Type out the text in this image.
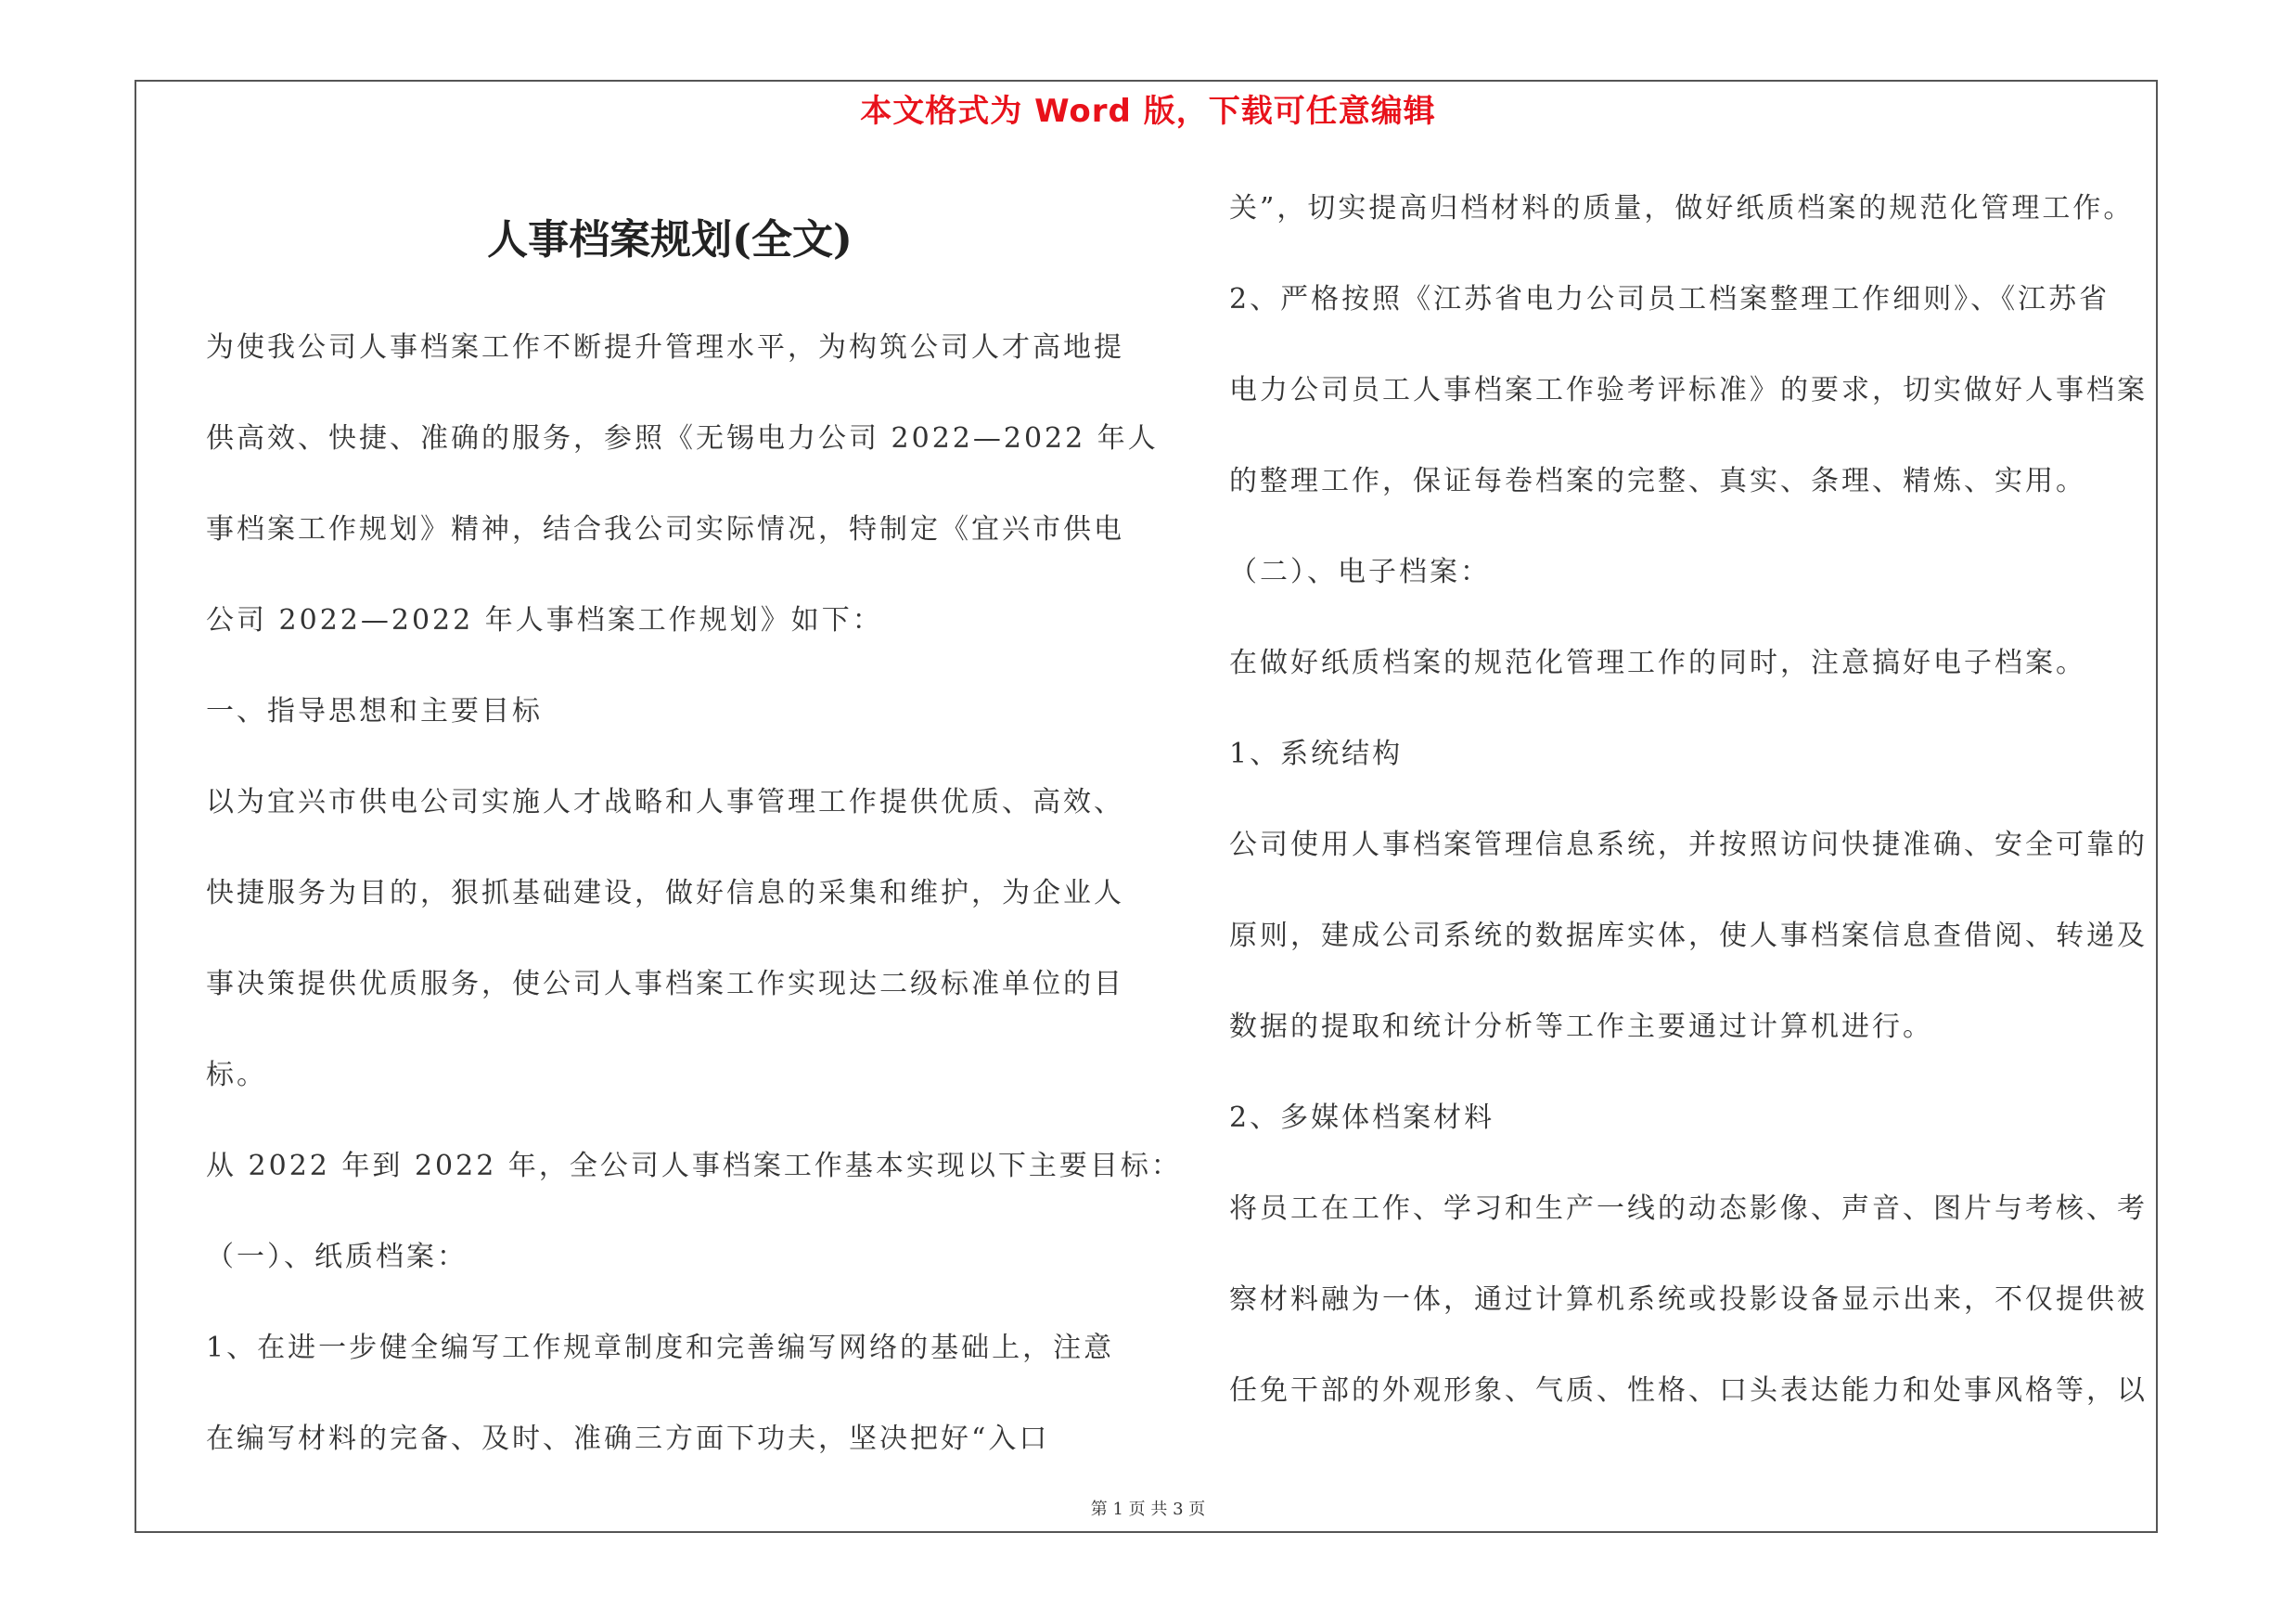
本文格式为 Word 版，下载可任意编辑
人事档案规划(全文)
为使我公司人事档案工作不断提升管理水平，为构筑公司人才高地提
供高效、快捷、准确的服务，参照《无锡电力公司 2022—2022 年人
事档案工作规划》精神，结合我公司实际情况，特制定《宜兴市供电
公司 2022—2022 年人事档案工作规划》如下：
一、指导思想和主要目标
以为宜兴市供电公司实施人才战略和人事管理工作提供优质、高效、
快捷服务为目的，狠抓基础建设，做好信息的采集和维护，为企业人
事决策提供优质服务，使公司人事档案工作实现达二级标准单位的目
标。
从 2022 年到 2022 年，全公司人事档案工作基本实现以下主要目标：
（一）、纸质档案：
1、在进一步健全编写工作规章制度和完善编写网络的基础上，注意
在编写材料的完备、及时、准确三方面下功夫，坚决把好“入口
关”，切实提高归档材料的质量，做好纸质档案的规范化管理工作。
2、严格按照《江苏省电力公司员工档案整理工作细则》、《江苏省
电力公司员工人事档案工作验考评标准》的要求，切实做好人事档案
的整理工作，保证每卷档案的完整、真实、条理、精炼、实用。
（二）、电子档案：
在做好纸质档案的规范化管理工作的同时，注意搞好电子档案。
1、系统结构
公司使用人事档案管理信息系统，并按照访问快捷准确、安全可靠的
原则，建成公司系统的数据库实体，使人事档案信息查借阅、转递及
数据的提取和统计分析等工作主要通过计算机进行。
2、多媒体档案材料
将员工在工作、学习和生产一线的动态影像、声音、图片与考核、考
察材料融为一体，通过计算机系统或投影设备显示出来，不仅提供被
任免干部的外观形象、气质、性格、口头表达能力和处事风格等，以
第 1 页 共 3 页
